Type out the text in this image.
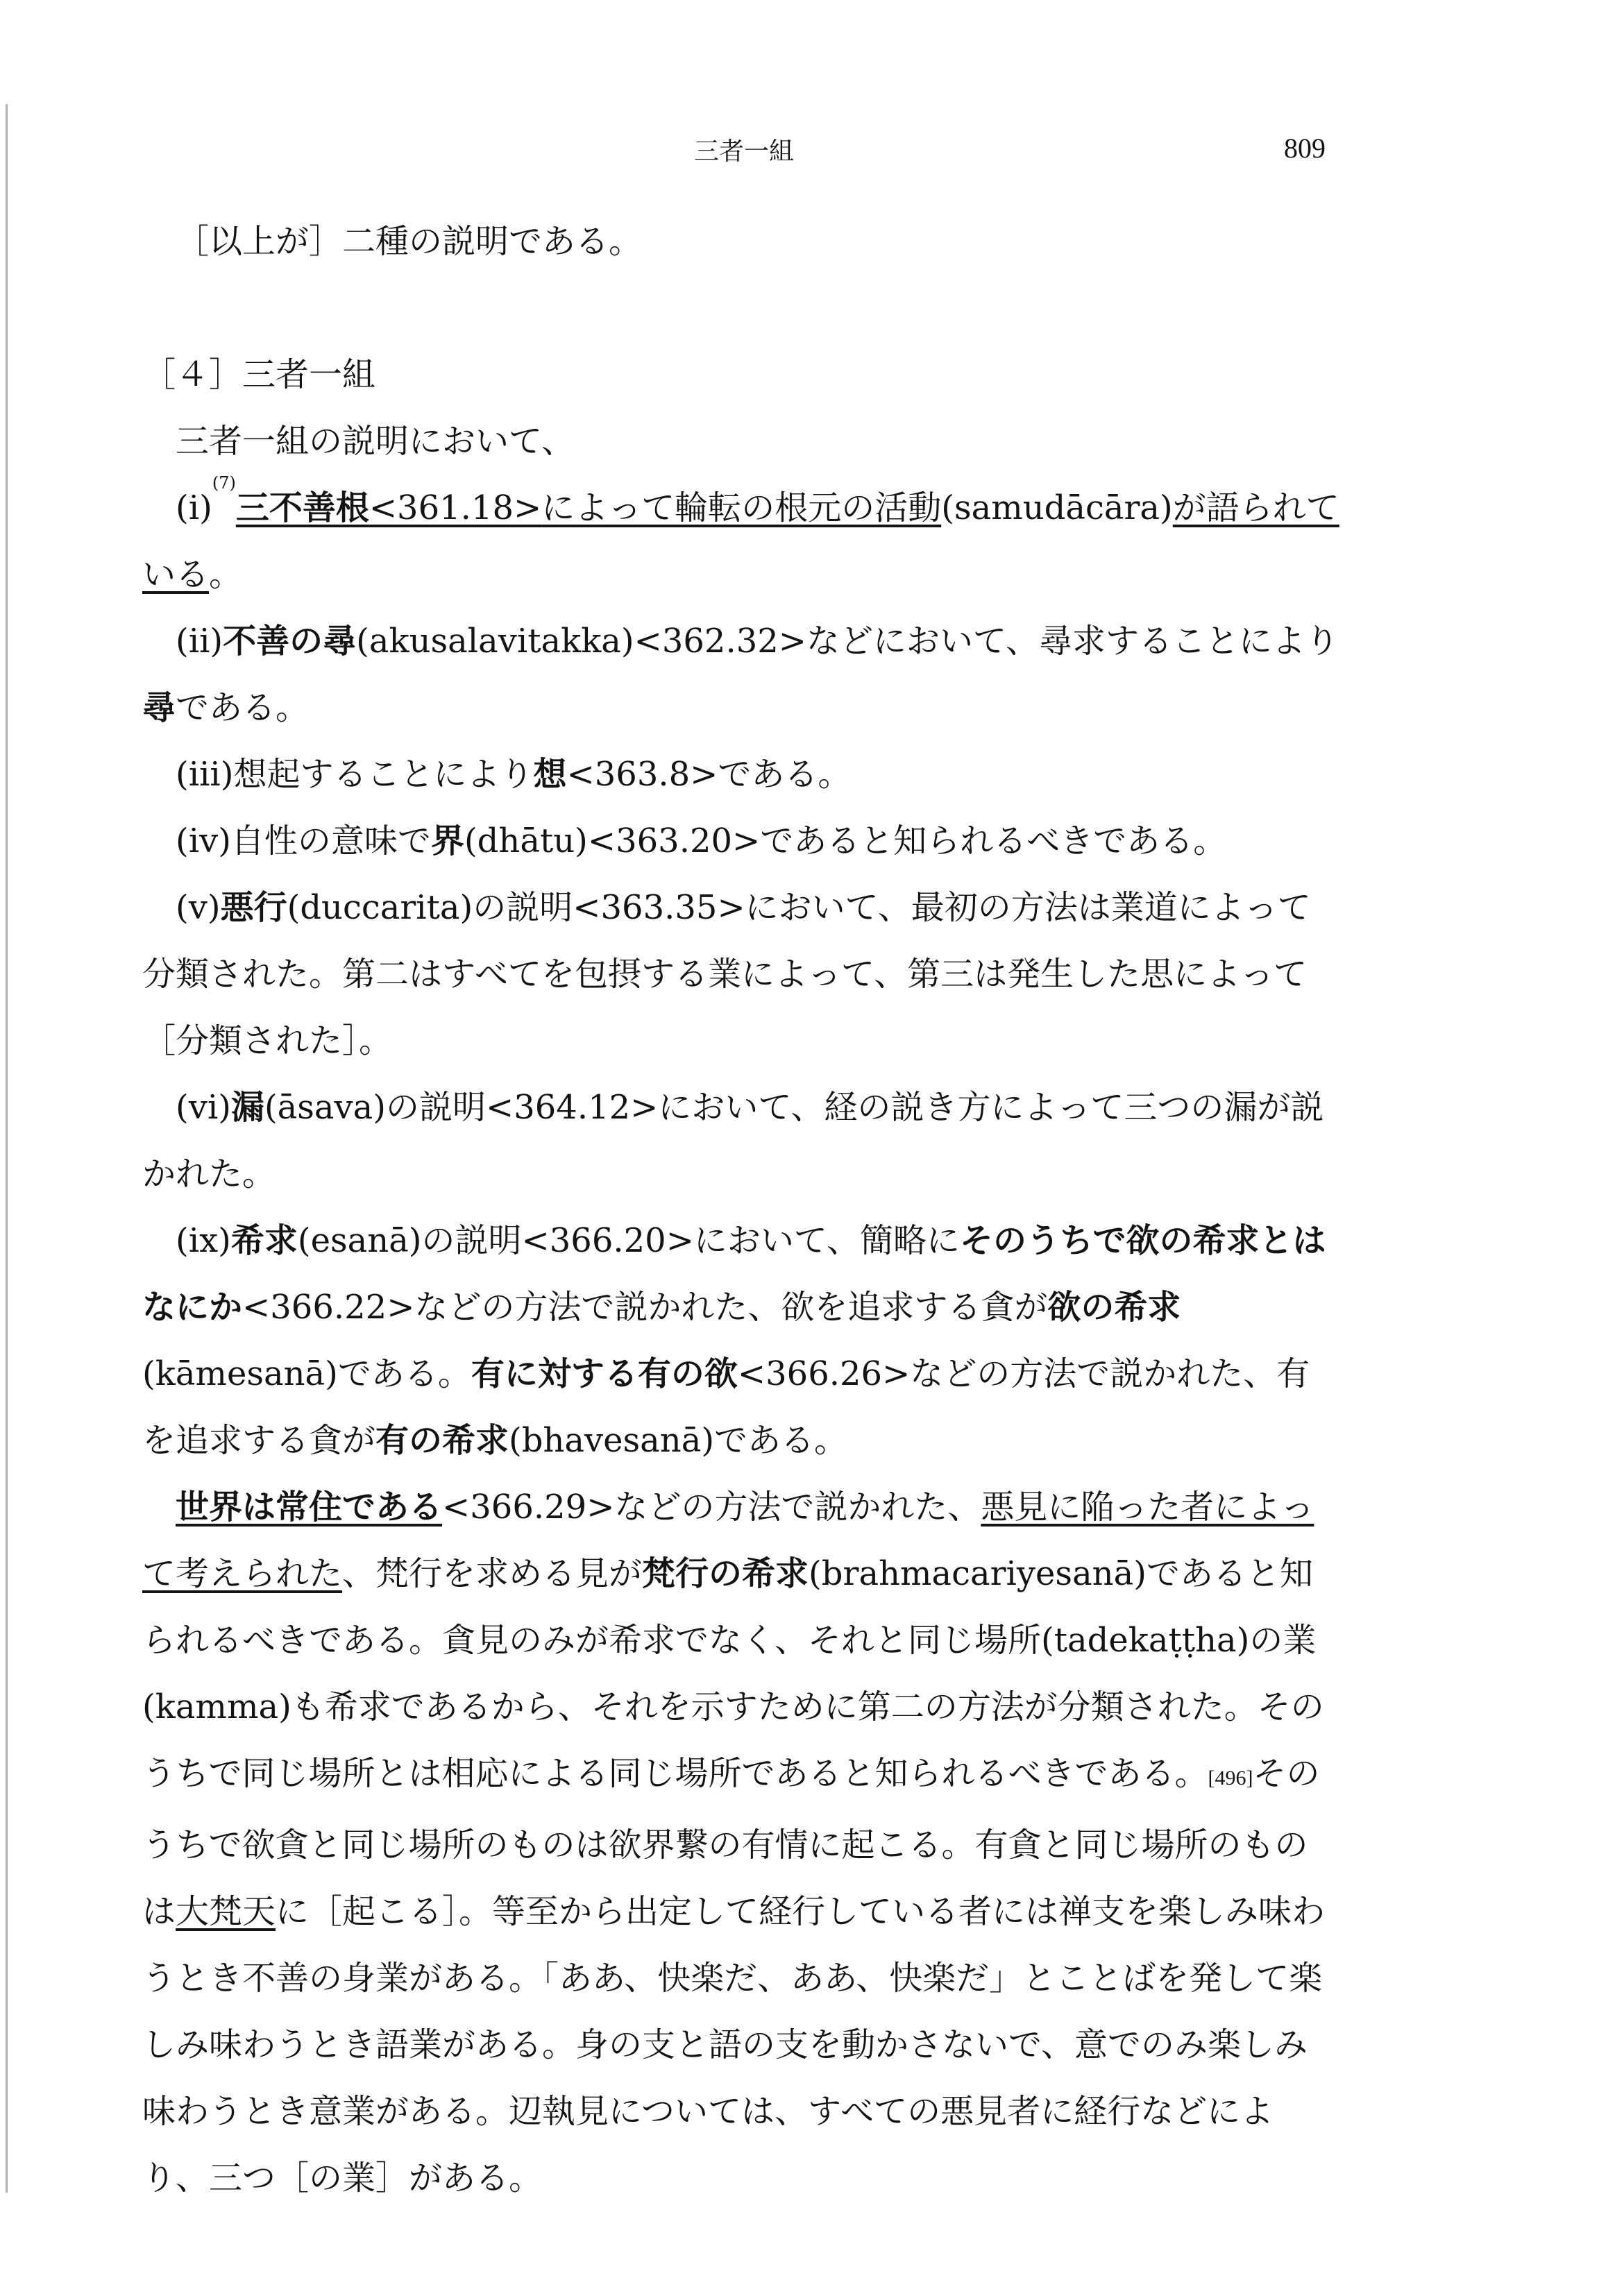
三者一組	809

［以上が］二種の説明である。

［４］三者一組

三者一組の説明において、

$(i)^{(7)}$三不善根<361.18>によって輪転の根元の活動(samudācāra)が語られている。

(ii)不善の尋(akusalavitakka)<362.32>などにおいて、尋求することにより尋である。

(iii)想起することにより想<363.8>である。

(iv)自性の意味で界(dhātu)<363.20>であると知られるべきである。

(v)悪行(duccarita)の説明<363.35>において、最初の方法は業道によって分類された。第二はすべてを包摂する業によって、第三は発生した思によって［分類された］。

(vi)漏(āsava)の説明<364.12>において、経の説き方によって三つの漏が説かれた。

(ix)希求(esanā)の説明<366.20>において、簡略にそのうちで欲の希求とはなにか<366.22>などの方法で説かれた、欲を追求する貪が欲の希求(kāmesanā)である。有に対する有の欲<366.26>などの方法で説かれた、有を追求する貪が有の希求(bhavesanā)である。

世界は常住である<366.29>などの方法で説かれた、悪見に陥った者によって考えられた、梵行を求める見が梵行の希求(brahmacariyesanā)であると知られるべきである。貪見のみが希求でなく、それと同じ場所(tadekaṭṭha)の業(kamma)も希求であるから、それを示すために第二の方法が分類された。そのうちで同じ場所とは相応による同じ場所であると知られるべきである。[496]そのうちで欲貪と同じ場所のものは欲界繋の有情に起こる。有貪と同じ場所のものは大梵天に［起こる］。等至から出定して経行している者には禅支を楽しみ味わうとき不善の身業がある。「ああ、快楽だ、ああ、快楽だ」とことばを発して楽しみ味わうとき語業がある。身の支と語の支を動かさないで、意でのみ楽しみ味わうとき意業がある。辺執見については、すべての悪見者に経行などにより、三つ［の業］がある。
